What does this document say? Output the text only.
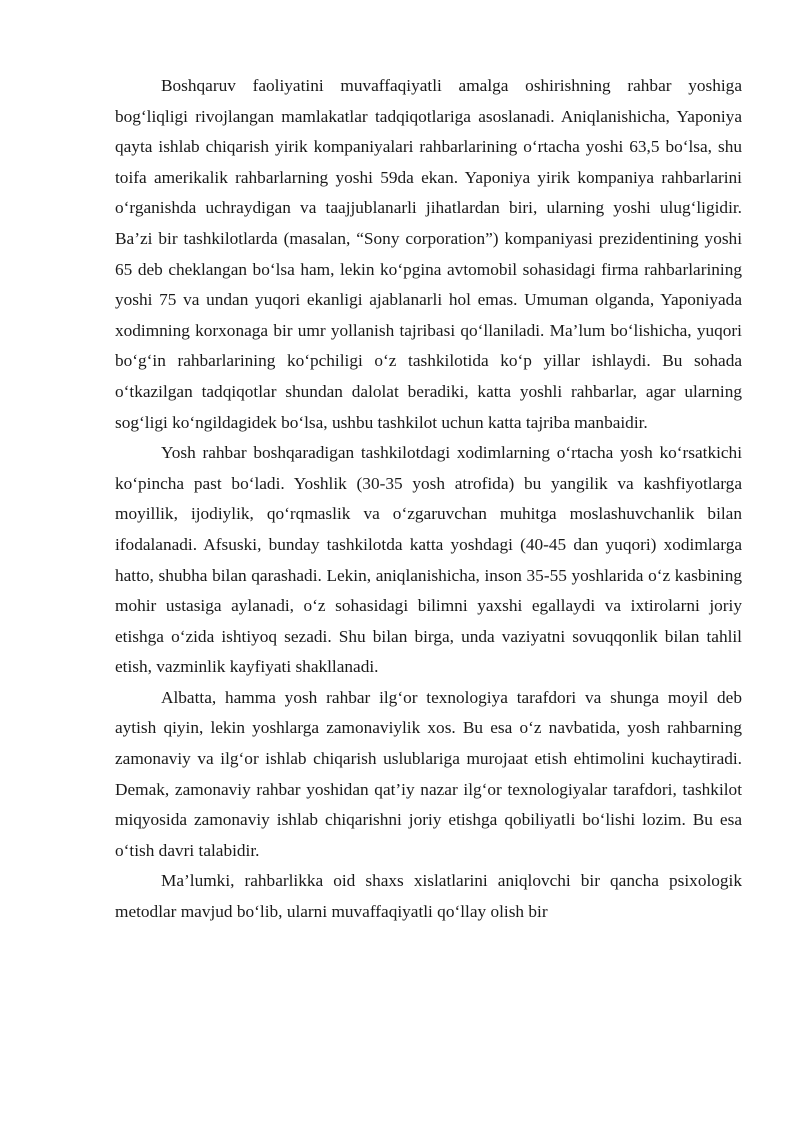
Boshqaruv faoliyatini muvaffaqiyatli amalga oshirishning rahbar yoshiga bog‘liqligi rivojlangan mamlakatlar tadqiqotlariga asoslanadi. Aniqlanishicha, Yaponiya qayta ishlab chiqarish yirik kompaniyalari rahbarlarining o‘rtacha yoshi 63,5 bo‘lsa, shu toifa amerikalik rahbarlarning yoshi 59da ekan. Yaponiya yirik kompaniya rahbarlarini o‘rganishda uchraydigan va taajjublanarli jihatlardan biri, ularning yoshi ulug‘ligidir. Ba’zi bir tashkilotlarda (masalan, “Sony corporation”) kompaniyasi prezidentining yoshi 65 deb cheklangan bo‘lsa ham, lekin ko‘pgina avtomobil sohasidagi firma rahbarlarining yoshi 75 va undan yuqori ekanligi ajablanarli hol emas. Umuman olganda, Yaponiyada xodimning korxonaga bir umr yollanish tajribasi qo‘llaniladi. Ma’lum bo‘lishicha, yuqori bo‘g‘in rahbarlarining ko‘pchiligi o‘z tashkilotida ko‘p yillar ishlaydi. Bu sohada o‘tkazilgan tadqiqotlar shundan dalolat beradiki, katta yoshli rahbarlar, agar ularning sog‘ligi ko‘ngildagidek bo‘lsa, ushbu tashkilot uchun katta tajriba manbaidir.

Yosh rahbar boshqaradigan tashkilotdagi xodimlarning o‘rtacha yosh ko‘rsatkichi ko‘pincha past bo‘ladi. Yoshlik (30-35 yosh atrofida) bu yangilik va kashfiyotlarga moyillik, ijodiylik, qo‘rqmaslik va o‘zgaruvchan muhitga moslashuvchanlik bilan ifodalanadi. Afsuski, bunday tashkilotda katta yoshdagi (40-45 dan yuqori) xodimlarga hatto, shubha bilan qarashadi. Lekin, aniqlanishicha, inson 35-55 yoshlarida o‘z kasbining mohir ustasiga aylanadi, o‘z sohasidagi bilimni yaxshi egallaydi va ixtirolarni joriy etishga o‘zida ishtiyoq sezadi. Shu bilan birga, unda vaziyatni sovuqqonlik bilan tahlil etish, vazminlik kayfiyati shakllanadi.

Albatta, hamma yosh rahbar ilg‘or texnologiya tarafdori va shunga moyil deb aytish qiyin, lekin yoshlarga zamonaviylik xos. Bu esa o‘z navbatida, yosh rahbarning zamonaviy va ilg‘or ishlab chiqarish uslublariga murojaat etish ehtimolini kuchaytiradi. Demak, zamonaviy rahbar yoshidan qat’iy nazar ilg‘or texnologiyalar tarafdori, tashkilot miqyosida zamonaviy ishlab chiqarishni joriy etishga qobiliyatli bo‘lishi lozim. Bu esa o‘tish davri talabidir.

Ma’lumki, rahbarlikka oid shaxs xislatlarini aniqlovchi bir qancha psixologik metodlar mavjud bo‘lib, ularni muvaffaqiyatli qo‘llay olish bir
